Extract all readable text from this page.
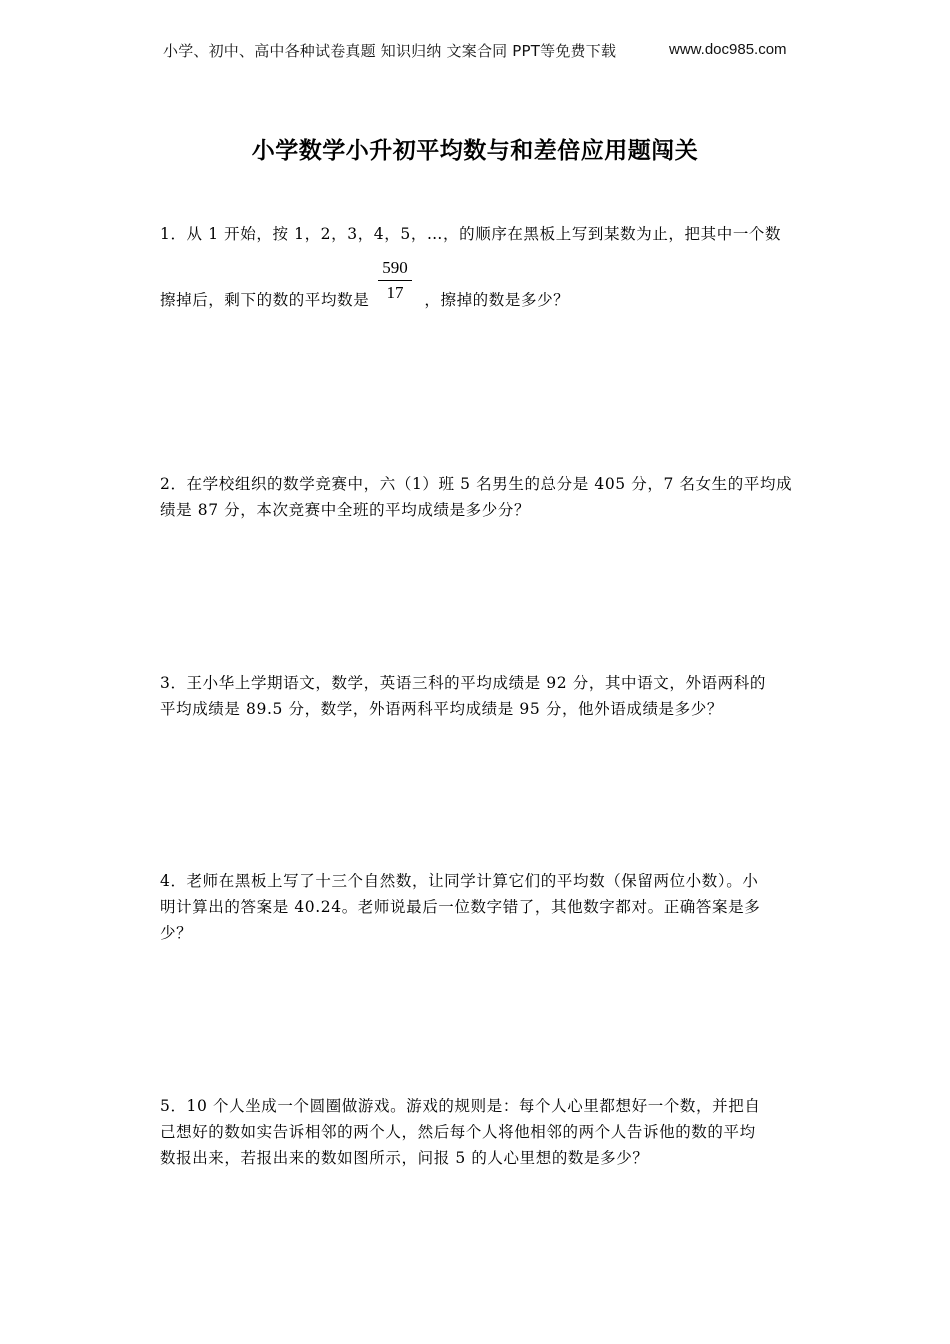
小学、初中、高中各种试卷真题 知识归纳 文案合同 PPT等免费下载	www.doc985.com
小学数学小升初平均数与和差倍应用题闯关

1．从 1 开始，按 1，2，3，4，5，…，的顺序在黑板上写到某数为止，把其中一个数

擦掉后，剩下的数的平均数是	，擦掉的数是多少？

$\frac{590}{17}$

2．在学校组织的数学竞赛中，六（1）班 5 名男生的总分是 405 分，7 名女生的平均成

绩是 87 分，本次竞赛中全班的平均成绩是多少分？

3．王小华上学期语文，数学，英语三科的平均成绩是 92 分，其中语文，外语两科的

平均成绩是 89.5 分，数学，外语两科平均成绩是 95 分，他外语成绩是多少？

4．老师在黑板上写了十三个自然数，让同学计算它们的平均数（保留两位小数）。小

明计算出的答案是 40.24。老师说最后一位数字错了，其他数字都对。正确答案是多

少？

5．10 个人坐成一个圆圈做游戏。游戏的规则是：每个人心里都想好一个数，并把自

己想好的数如实告诉相邻的两个人，然后每个人将他相邻的两个人告诉他的数的平均

数报出来，若报出来的数如图所示，问报 5 的人心里想的数是多少？
